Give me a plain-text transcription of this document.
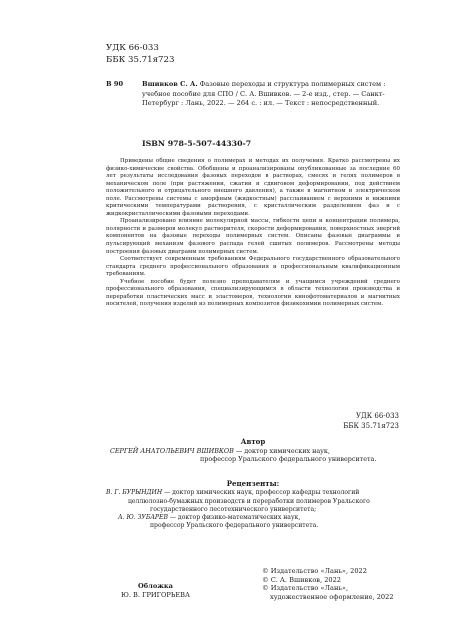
УДК 66-033
ББК 35.71я723
В 90	Вшивков С. А. Фазовые переходы и структура полимерных систем : учебное пособие для СПО / С. А. Вшивков. — 2-е изд., стер. — Санкт-Петербург : Лань, 2022. — 264 с. : ил. — Текст : непосредственный.
ISBN 978-5-507-44330-7

Приведены общие сведения о полимерах и методах их получения. Кратко рассмотрены их физико-химические свойства. Обобщены и проанализированы опубликованные за последние 60 лет результаты исследования фазовых переходов в растворах, смесях и гелях полимеров в механическом поле (при растяжении, сжатии и сдвиговом деформировании, под действием положительного и отрицательного внешнего давления), а также в магнитном и электрическом поле. Рассмотрены системы с аморфным (жидкостным) расслаиванием с верхними и нижними критическими температурами растворения, с кристаллическим разделением фаз и с жидкокристаллическими фазовыми переходами.

Проанализировано влияние молекулярной массы, гибкости цепи и концентрации полимера, полярности и размеров молекул растворителя, скорости деформирования, поверхностных энергий компонентов на фазовые переходы полимерных систем. Описаны фазовые диаграммы и пульсирующий механизм фазового распада гелей сшитых полимеров. Рассмотрены методы построения фазовых диаграмм полимерных систем.

Соответствует современным требованиям Федерального государственного образовательного стандарта среднего профессионального образования и профессиональным квалификационным требованиям.

Учебное пособие будет полезно преподавателям и учащимся учреждений среднего профессионального образования, специализирующимся в области технологии производства и переработки пластических масс и эластомеров, технологии кинофотоматериалов и магнитных носителей, получения изделий из полимерных композитов физикохимии полимерных систем.

УДК 66-033
ББК 35.71я723
Автор
СЕРГЕЙ АНАТОЛЬЕВИЧ ВШИВКОВ — доктор химических наук,
профессор Уральского федерального университета.
Рецензенты:
В. Г. БУРЫНДИН — доктор химических наук, профессор кафедры технологий
целлюлозно-бумажных производств и переработки полимеров Уральского
государственного лесотехнического университета;
А. Ю. ЗУБАРЕВ — доктор физико-математических наук,
профессор Уральского федерального университета.
Обложка
Ю. В. ГРИГОРЬЕВА
© Издательство «Лань», 2022
© С. А. Вшивков, 2022
© Издательство «Лань»,
художественное оформление, 2022
